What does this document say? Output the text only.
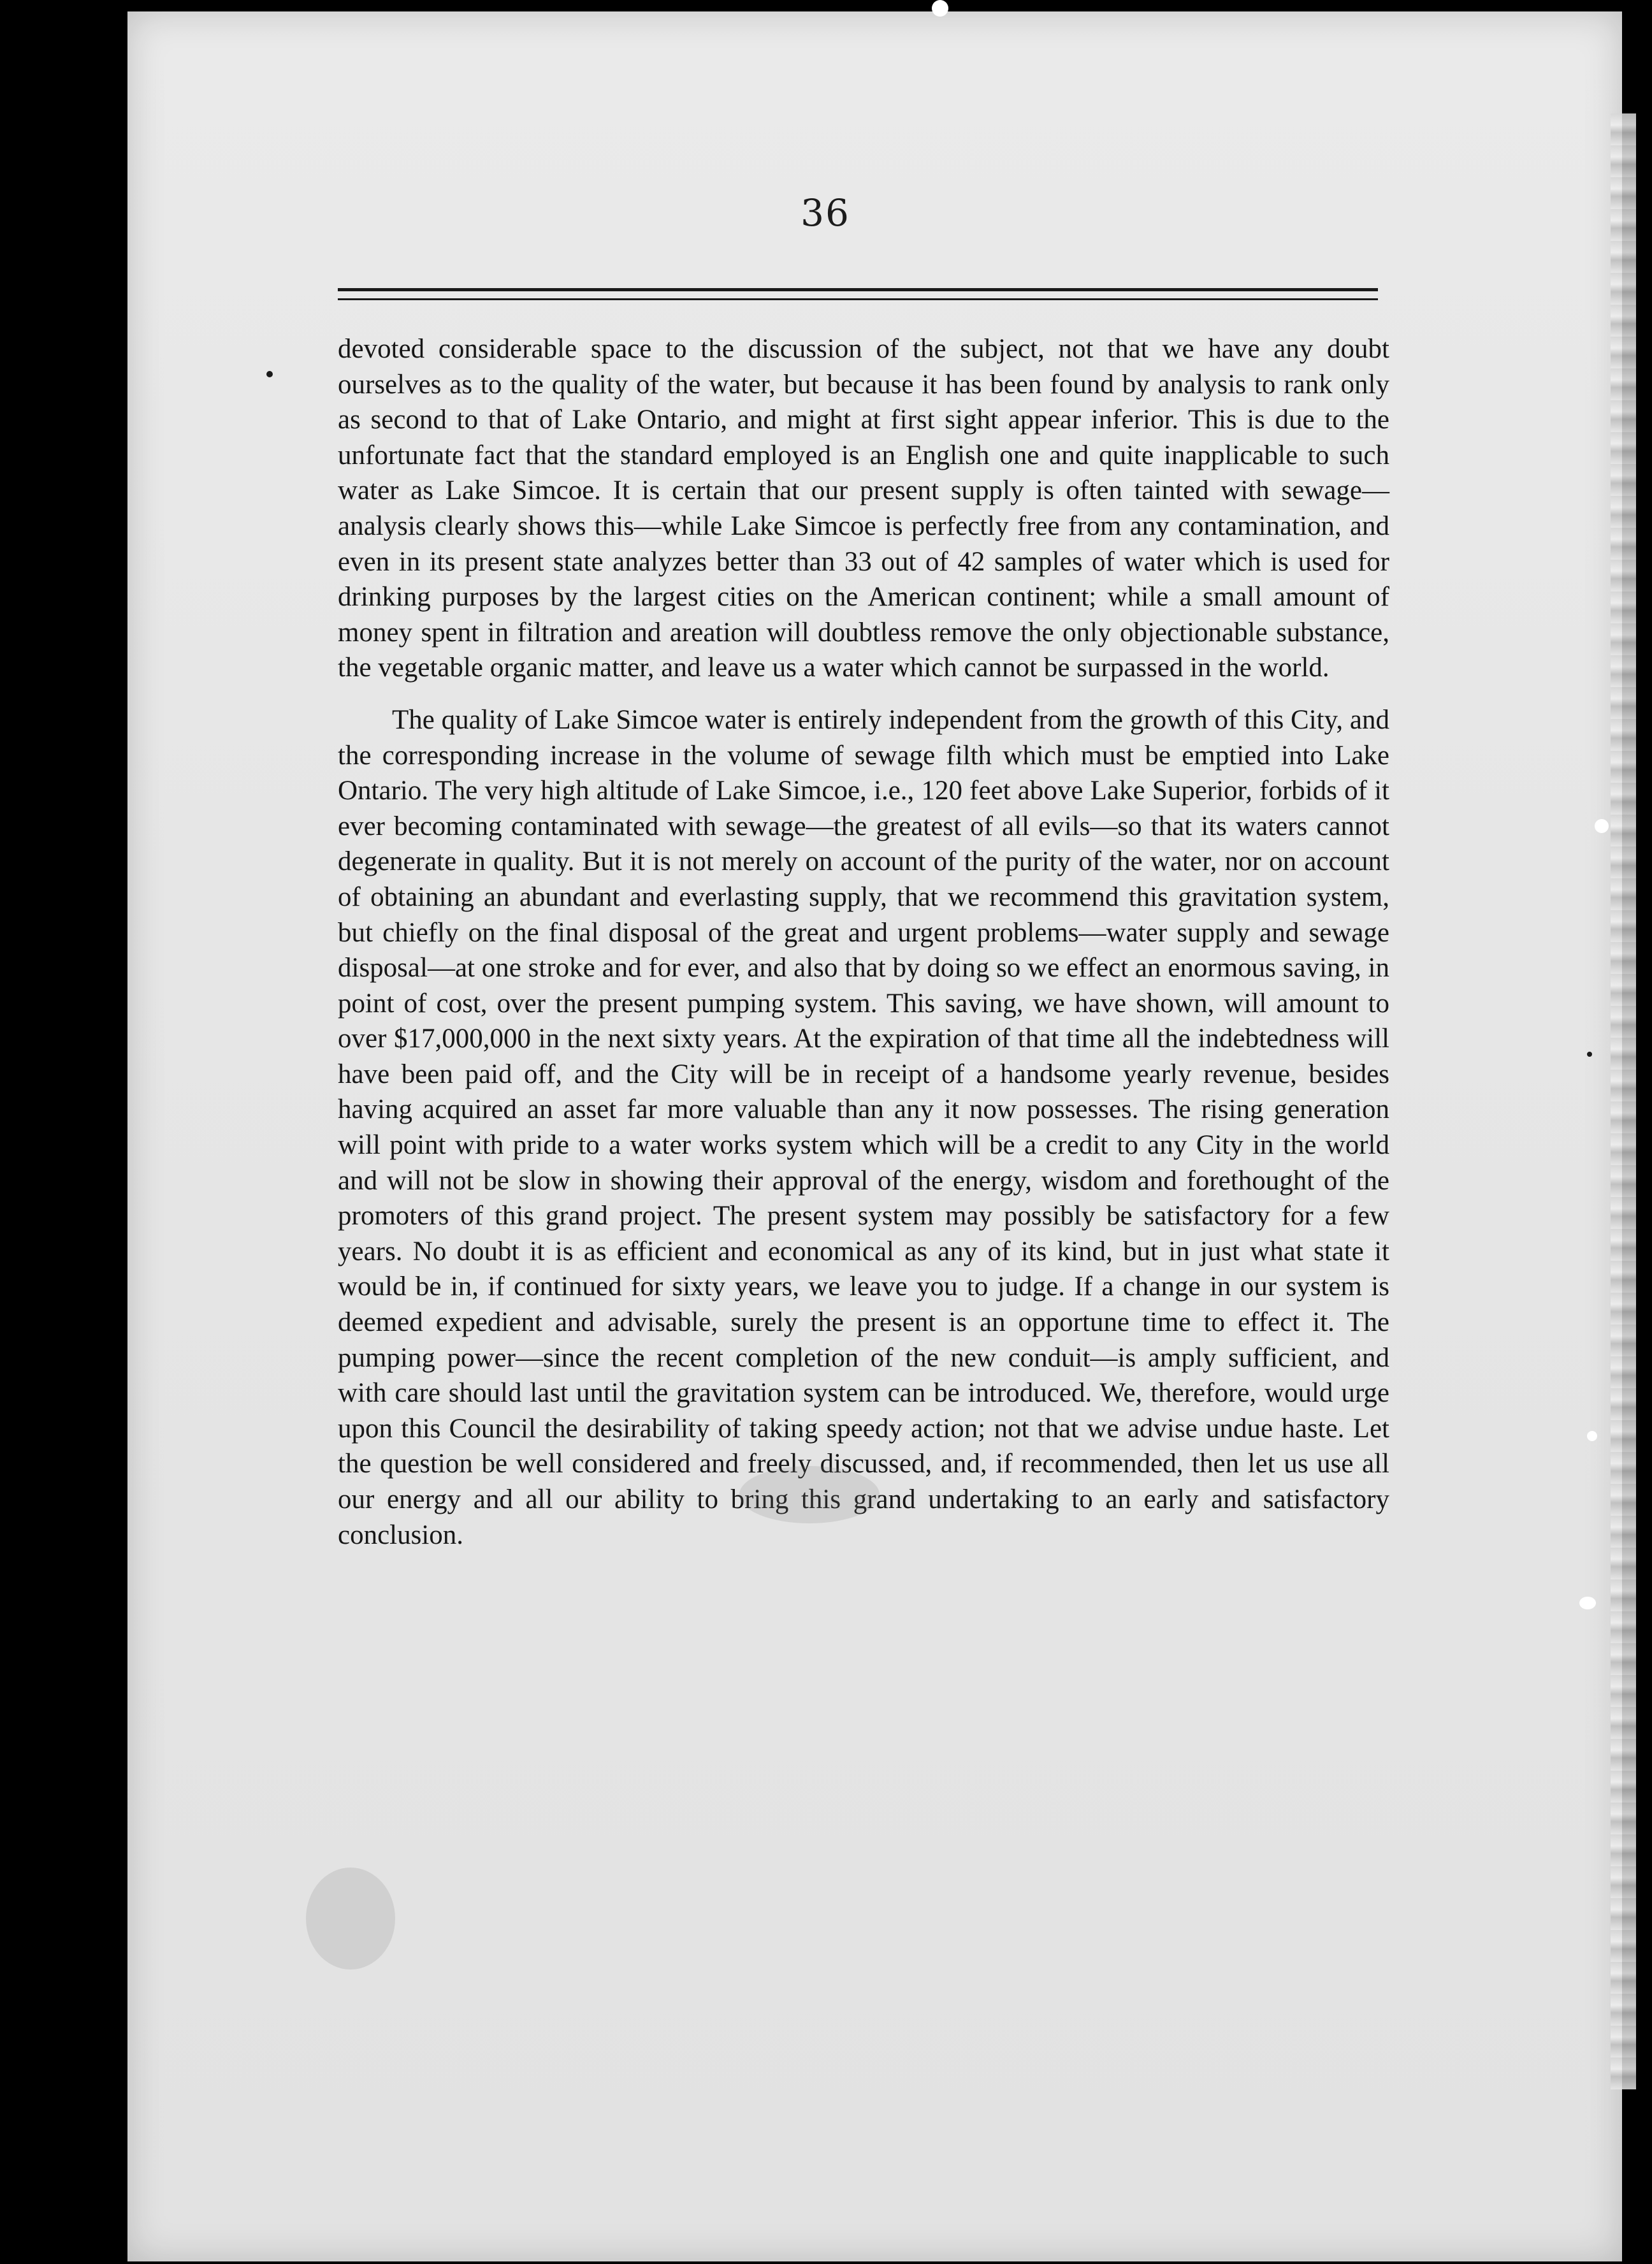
36

devoted considerable space to the discussion of the subject, not that we have any doubt ourselves as to the quality of the water, but because it has been found by analysis to rank only as second to that of Lake Ontario, and might at first sight appear inferior. This is due to the unfortunate fact that the standard employed is an English one and quite inapplicable to such water as Lake Simcoe. It is certain that our present supply is often tainted with sewage—analysis clearly shows this—while Lake Simcoe is perfectly free from any contamination, and even in its present state analyzes better than 33 out of 42 samples of water which is used for drinking purposes by the largest cities on the American continent; while a small amount of money spent in filtration and areation will doubtless remove the only objectionable substance, the vegetable organic matter, and leave us a water which cannot be surpassed in the world.

The quality of Lake Simcoe water is entirely independent from the growth of this City, and the corresponding increase in the volume of sewage filth which must be emptied into Lake Ontario. The very high altitude of Lake Simcoe, i.e., 120 feet above Lake Superior, forbids of it ever becoming contaminated with sewage—the greatest of all evils—so that its waters cannot degenerate in quality. But it is not merely on account of the purity of the water, nor on account of obtaining an abundant and everlasting supply, that we recommend this gravitation system, but chiefly on the final disposal of the great and urgent problems—water supply and sewage disposal—at one stroke and for ever, and also that by doing so we effect an enormous saving, in point of cost, over the present pumping system. This saving, we have shown, will amount to over $17,000,000 in the next sixty years. At the expiration of that time all the indebtedness will have been paid off, and the City will be in receipt of a handsome yearly revenue, besides having acquired an asset far more valuable than any it now possesses. The rising generation will point with pride to a water works system which will be a credit to any City in the world and will not be slow in showing their approval of the energy, wisdom and forethought of the promoters of this grand project. The present system may possibly be satisfactory for a few years. No doubt it is as efficient and economical as any of its kind, but in just what state it would be in, if continued for sixty years, we leave you to judge. If a change in our system is deemed expedient and advisable, surely the present is an opportune time to effect it. The pumping power—since the recent completion of the new conduit—is amply sufficient, and with care should last until the gravitation system can be introduced. We, therefore, would urge upon this Council the desirability of taking speedy action; not that we advise undue haste. Let the question be well considered and freely discussed, and, if recommended, then let us use all our energy and all our ability to bring this grand undertaking to an early and satisfactory conclusion.
